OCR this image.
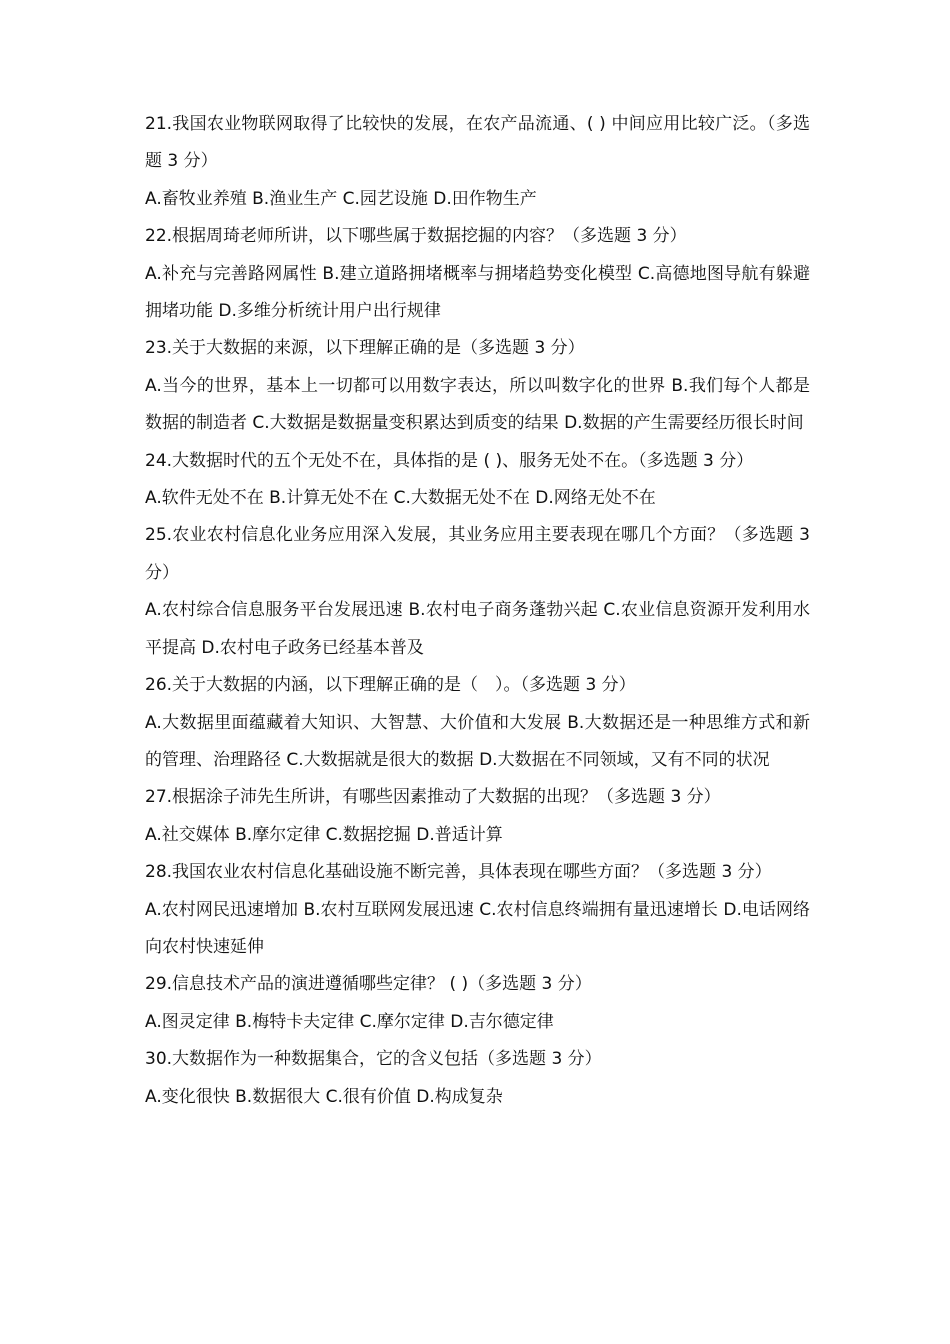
21.我国农业物联网取得了比较快的发展，在农产品流通、( ) 中间应用比较广泛。（多选题 3 分）

A.畜牧业养殖 B.渔业生产 C.园艺设施 D.田作物生产

22.根据周琦老师所讲，以下哪些属于数据挖掘的内容？（多选题 3 分）

A.补充与完善路网属性 B.建立道路拥堵概率与拥堵趋势变化模型 C.高德地图导航有躲避拥堵功能 D.多维分析统计用户出行规律

23.关于大数据的来源，以下理解正确的是（多选题 3 分）

A.当今的世界，基本上一切都可以用数字表达，所以叫数字化的世界 B.我们每个人都是数据的制造者 C.大数据是数据量变积累达到质变的结果 D.数据的产生需要经历很长时间

24.大数据时代的五个无处不在，具体指的是 ( )、服务无处不在。（多选题 3 分）

A.软件无处不在 B.计算无处不在 C.大数据无处不在 D.网络无处不在

25.农业农村信息化业务应用深入发展，其业务应用主要表现在哪几个方面？（多选题 3 分）

A.农村综合信息服务平台发展迅速 B.农村电子商务蓬勃兴起 C.农业信息资源开发利用水平提高 D.农村电子政务已经基本普及

26.关于大数据的内涵，以下理解正确的是（　）。（多选题 3 分）

A.大数据里面蕴藏着大知识、大智慧、大价值和大发展 B.大数据还是一种思维方式和新的管理、治理路径 C.大数据就是很大的数据 D.大数据在不同领域，又有不同的状况

27.根据涂子沛先生所讲，有哪些因素推动了大数据的出现？（多选题 3 分）

A.社交媒体 B.摩尔定律 C.数据挖掘 D.普适计算

28.我国农业农村信息化基础设施不断完善，具体表现在哪些方面？（多选题 3 分）

A.农村网民迅速增加 B.农村互联网发展迅速 C.农村信息终端拥有量迅速增长 D.电话网络向农村快速延伸

29.信息技术产品的演进遵循哪些定律？ ( )（多选题 3 分）

A.图灵定律 B.梅特卡夫定律 C.摩尔定律 D.吉尔德定律

30.大数据作为一种数据集合，它的含义包括（多选题 3 分）

A.变化很快 B.数据很大 C.很有价值 D.构成复杂
